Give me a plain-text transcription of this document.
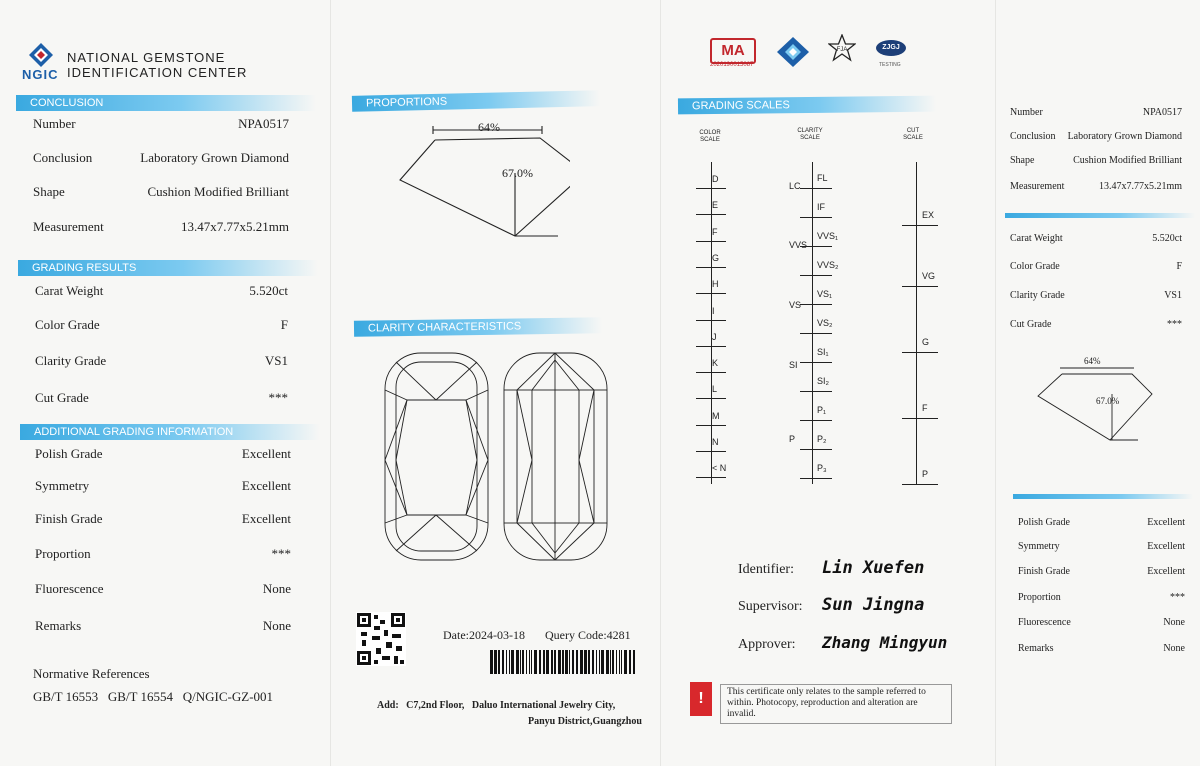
NGIC
NATIONAL GEMSTONE
IDENTIFICATION CENTER
CONCLUSION
Number	NPA0517
Conclusion	Laboratory Grown Diamond
Shape	Cushion Modified Brilliant
Measurement	13.47x7.77x5.21mm
GRADING RESULTS
Carat Weight	5.520ct
Color Grade	F
Clarity Grade	VS1
Cut Grade	***
ADDITIONAL GRADING INFORMATION
Polish Grade	Excellent
Symmetry	Excellent
Finish Grade	Excellent
Proportion	***
Fluorescence	None
Remarks	None
Normative References
GB/T 16553   GB/T 16554   Q/NGIC-GZ-001
PROPORTIONS
64%
67.0%
CLARITY CHARACTERISTICS
Date:2024-03-18 Query Code:4281
Add:   C7,2nd Floor,   Daluo International Jewelry City,
Panyu District,Guangzhou
MA
2020190015087
FJA	ZJGJ
TESTING
GRADING SCALES
COLOR
SCALE
CLARITY
SCALE
CUT
SCALE
D
E
F
G
H
I
J
K
L
M
N
< N
FL
IF
VVS₁
VVS₂
VS₁
VS₂
SI₁
SI₂
P₁
P₂
P₃
LC
VVS
VS
SI
P
EX
VG
G
F
P
Identifier: Lin Xuefen
Supervisor: Sun Jingna
Approver: Zhang Mingyun
!	This certificate only relates to the sample referred to within. Photocopy, reproduction and alteration are invalid.
Number	NPA0517
Conclusion Laboratory Grown Diamond
Shape	Cushion Modified Brilliant
Measurement	13.47x7.77x5.21mm
Carat Weight	5.520ct
Color Grade	F
Clarity Grade	VS1
Cut Grade	***
64%
67.0%
Polish Grade	Excellent
Symmetry	Excellent
Finish Grade	Excellent
Proportion	***
Fluorescence	None
Remarks	None
